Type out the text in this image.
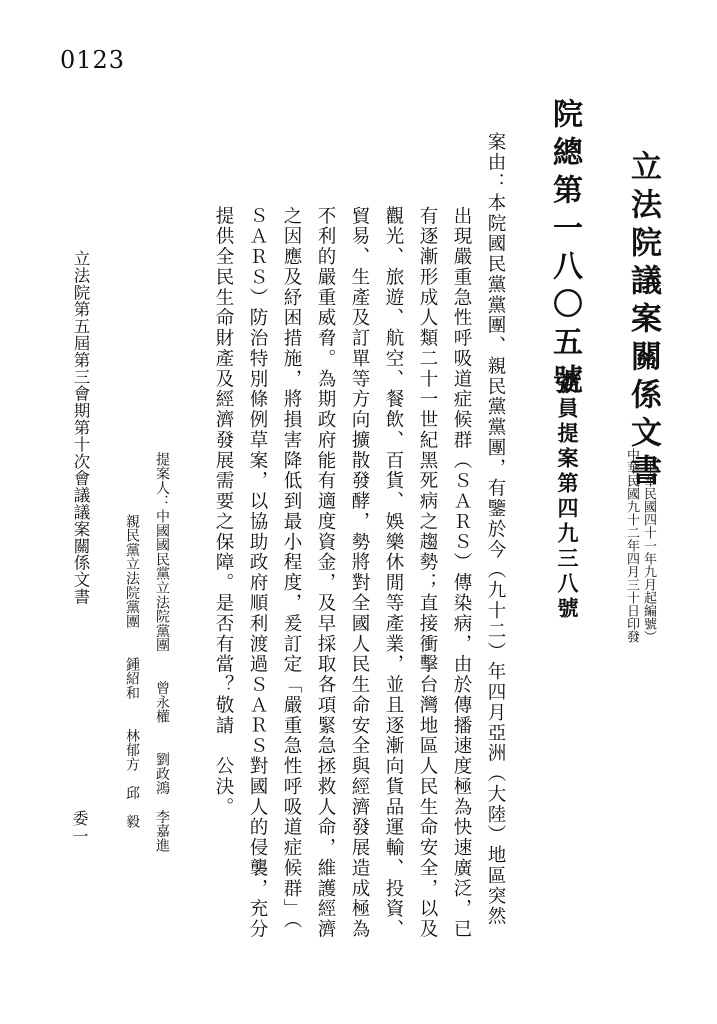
0123
立法院議案關係文書
（中華民國四十一年九月起編號）
中華民國九十二年四月三十日印發
院總第一八〇五號
委員提案第四九三八號
案由：本院國民黨黨團、親民黨黨團，有鑒於今（九十二）年四月亞洲（大陸）地區突然
出現嚴重急性呼吸道症候群（ＳＡＲＳ）傳染病，由於傳播速度極為快速廣泛，已
有逐漸形成人類二十一世紀黑死病之趨勢；直接衝擊台灣地區人民生命安全，以及
觀光、旅遊、航空、餐飲、百貨、娛樂休閒等產業，並且逐漸向貨品運輸、投資、
貿易、生產及訂單等方向擴散發酵，勢將對全國人民生命安全與經濟發展造成極為
不利的嚴重威脅。為期政府能有適度資金，及早採取各項緊急拯救人命，維護經濟
之因應及紓困措施，將損害降低到最小程度，爰訂定「嚴重急性呼吸道症候群」（
ＳＡＲＳ）防治特別條例草案，以協助政府順利渡過ＳＡＲＳ對國人的侵襲，充分
提供全民生命財產及經濟發展需要之保障。是否有當？敬請　公決。
提案人：中國國民黨立法院黨團　　曾永權　　劉政鴻　李嘉進
親民黨立法院黨團　　鍾紹和　　林郁方　邱　毅
立法院第五屆第三會期第十次會議議案關係文書
委一
